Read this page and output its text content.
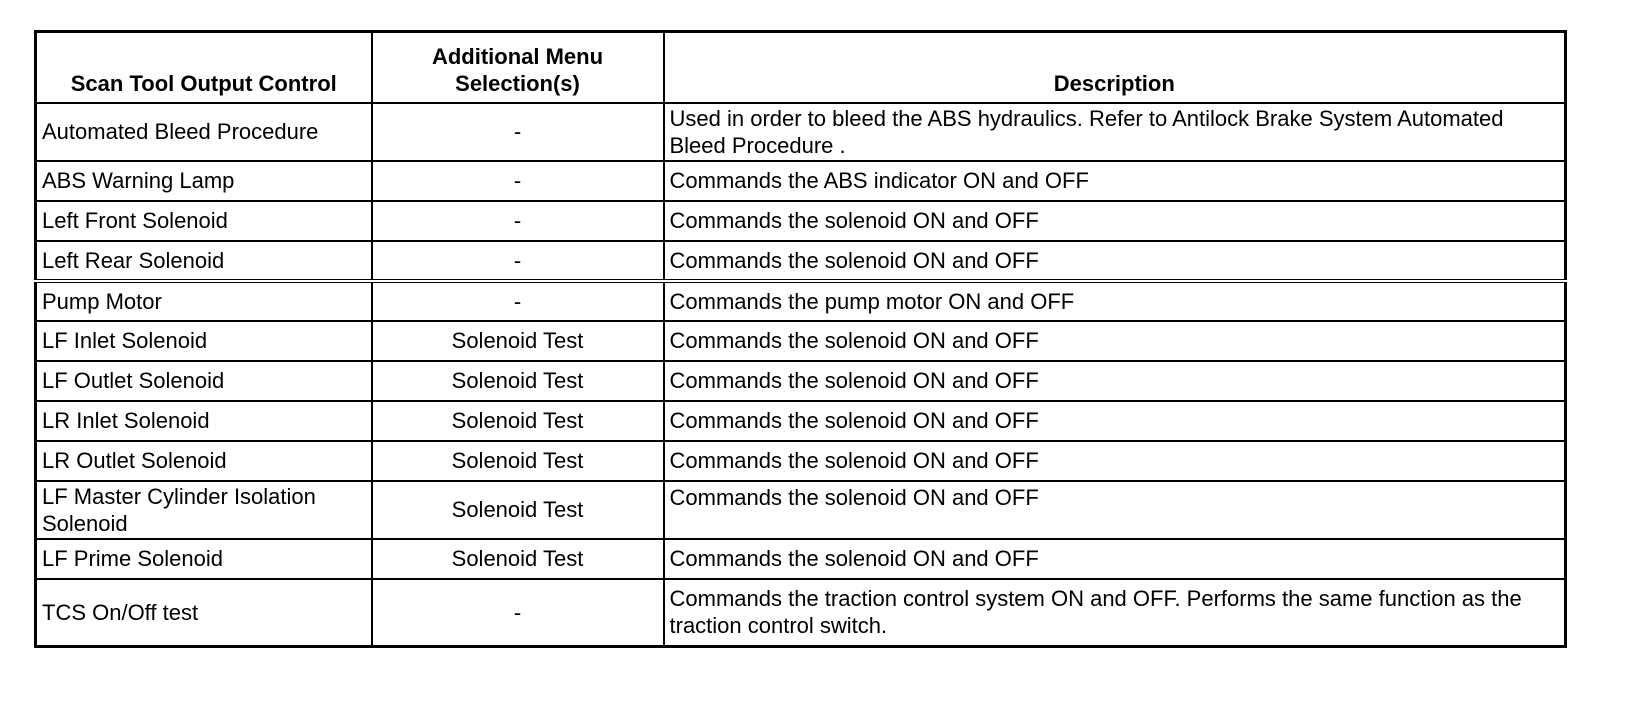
Scan Tool Output Control	Additional Menu Selection(s)	Description
Automated Bleed Procedure	-	Used in order to bleed the ABS hydraulics. Refer to Antilock Brake System Automated Bleed Procedure .
ABS Warning Lamp	-	Commands the ABS indicator ON and OFF
Left Front Solenoid	-	Commands the solenoid ON and OFF
Left Rear Solenoid	-	Commands the solenoid ON and OFF
Pump Motor	-	Commands the pump motor ON and OFF
LF Inlet Solenoid	Solenoid Test	Commands the solenoid ON and OFF
LF Outlet Solenoid	Solenoid Test	Commands the solenoid ON and OFF
LR Inlet Solenoid	Solenoid Test	Commands the solenoid ON and OFF
LR Outlet Solenoid	Solenoid Test	Commands the solenoid ON and OFF
LF Master Cylinder Isolation Solenoid	Solenoid Test	Commands the solenoid ON and OFF
LF Prime Solenoid	Solenoid Test	Commands the solenoid ON and OFF
TCS On/Off test	-	Commands the traction control system ON and OFF. Performs the same function as the traction control switch.
